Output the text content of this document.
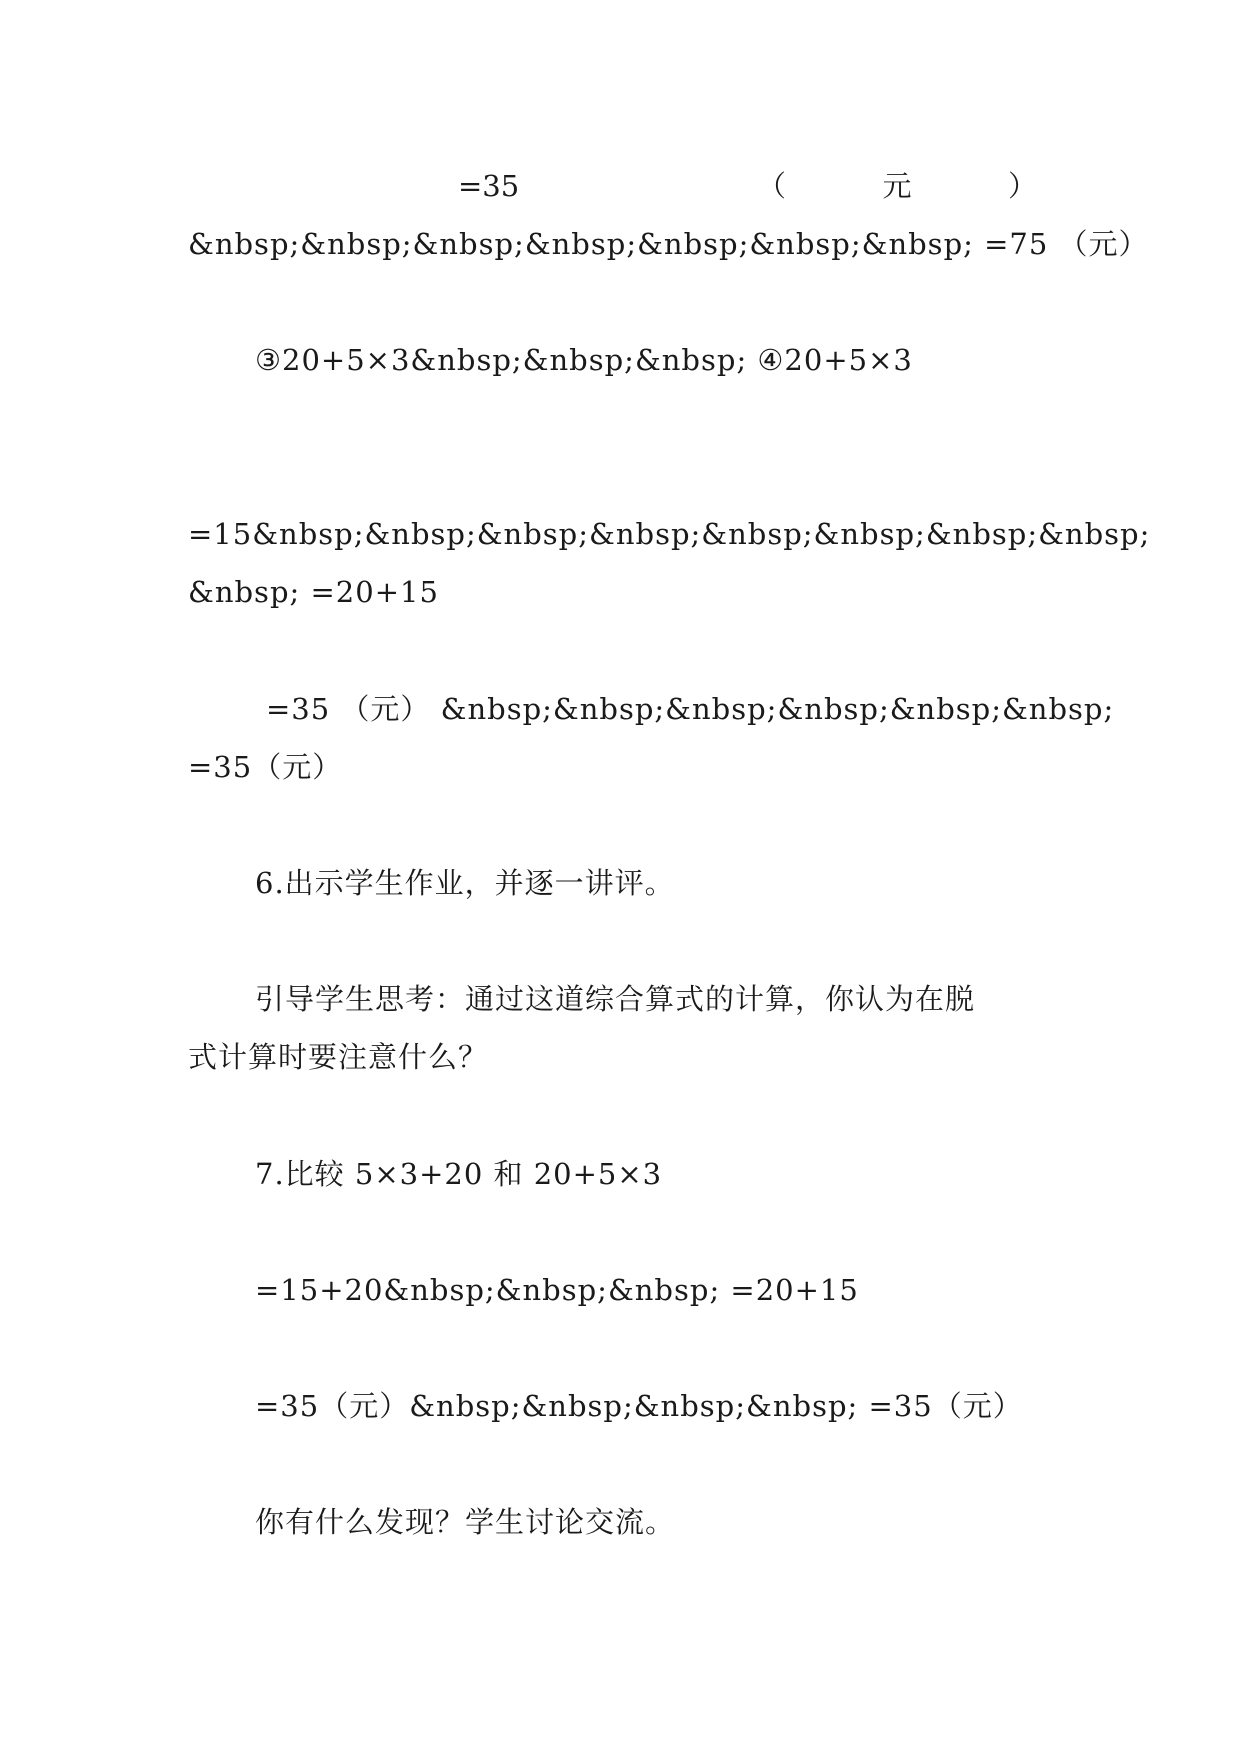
=35	（	元	）
&nbsp;&nbsp;&nbsp;&nbsp;&nbsp;&nbsp;&nbsp; =75 （元）
③20+5×3&nbsp;&nbsp;&nbsp; ④20+5×3
=15&nbsp;&nbsp;&nbsp;&nbsp;&nbsp;&nbsp;&nbsp;&nbsp;
&nbsp; =20+15
=35 （元） &nbsp;&nbsp;&nbsp;&nbsp;&nbsp;&nbsp;
=35（元）
6.出示学生作业，并逐一讲评。
引导学生思考：通过这道综合算式的计算，你认为在脱
式计算时要注意什么？
7.比较 5×3+20 和 20+5×3
=15+20&nbsp;&nbsp;&nbsp; =20+15
=35（元）&nbsp;&nbsp;&nbsp;&nbsp; =35（元）
你有什么发现？学生讨论交流。
